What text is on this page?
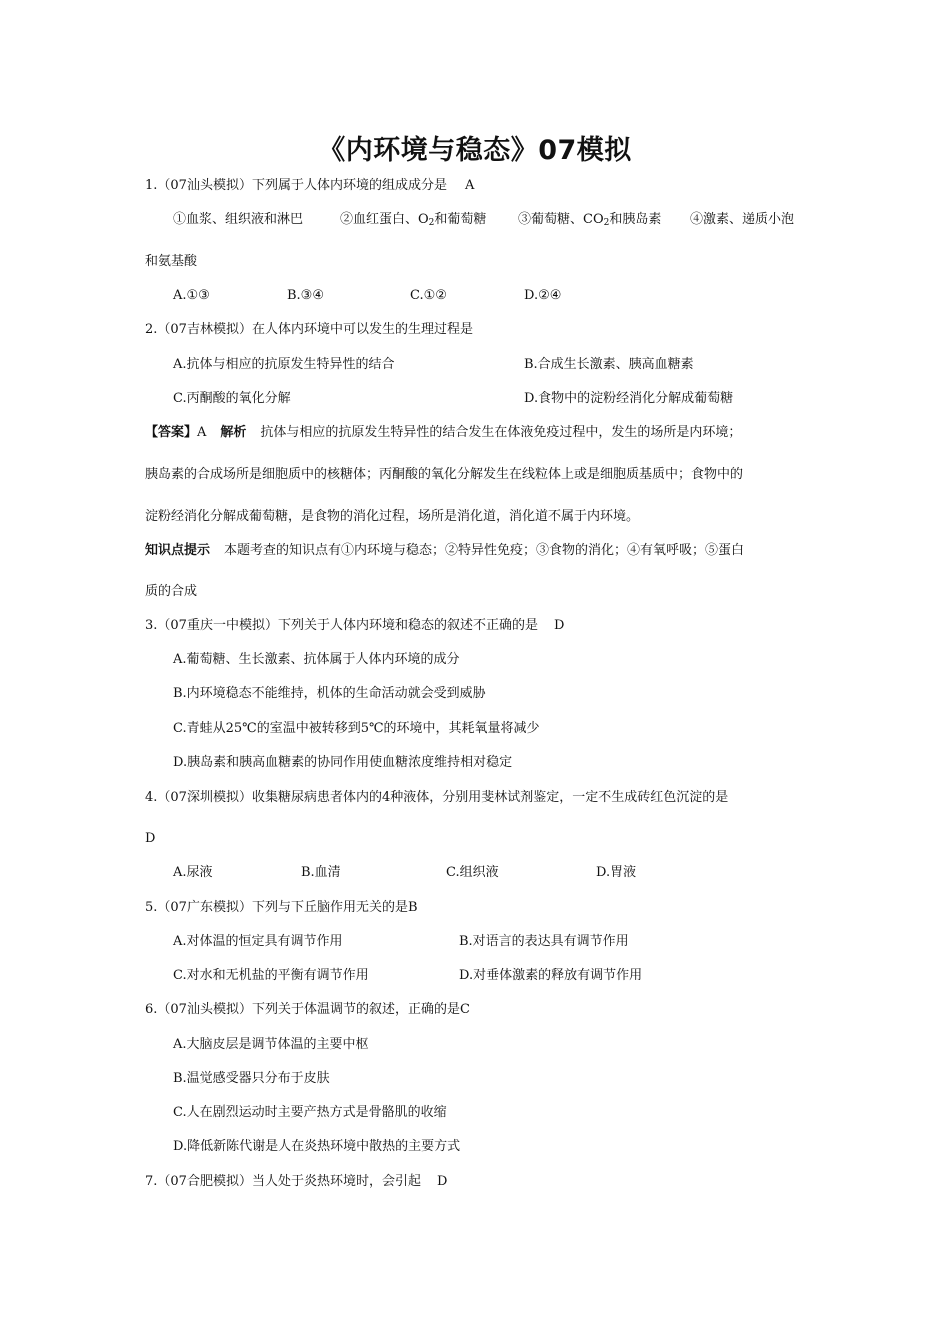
《内环境与稳态》07模拟
1.（07汕头模拟）下列属于人体内环境的组成成分是 A
①血浆、组织液和淋巴	②血红蛋白、$O_2$和葡萄糖 ③葡萄糖、$CO_2$和胰岛素 ④激素、递质小泡
和氨基酸
A.①③	B.③④	C.①②	D.②④
2.（07吉林模拟）在人体内环境中可以发生的生理过程是
A.抗体与相应的抗原发生特异性的结合	B.合成生长激素、胰高血糖素
C.丙酮酸的氧化分解	D.食物中的淀粉经消化分解成葡萄糖
【答案】A 解析 抗体与相应的抗原发生特异性的结合发生在体液免疫过程中，发生的场所是内环境；
胰岛素的合成场所是细胞质中的核糖体；丙酮酸的氧化分解发生在线粒体上或是细胞质基质中；食物中的
淀粉经消化分解成葡萄糖，是食物的消化过程，场所是消化道，消化道不属于内环境。
知识点提示 本题考查的知识点有①内环境与稳态；②特异性免疫；③食物的消化；④有氧呼吸；⑤蛋白
质的合成
3.（07重庆一中模拟）下列关于人体内环境和稳态的叙述不正确的是 D
A.葡萄糖、生长激素、抗体属于人体内环境的成分
B.内环境稳态不能维持，机体的生命活动就会受到威胁
C.青蛙从25℃的室温中被转移到5℃的环境中，其耗氧量将减少
D.胰岛素和胰高血糖素的协同作用使血糖浓度维持相对稳定
4.（07深圳模拟）收集糖尿病患者体内的4种液体，分别用斐林试剂鉴定，一定不生成砖红色沉淀的是
D
A.尿液	B.血清	C.组织液	D.胃液
5.（07广东模拟）下列与下丘脑作用无关的是B
A.对体温的恒定具有调节作用	B.对语言的表达具有调节作用
C.对水和无机盐的平衡有调节作用	D.对垂体激素的释放有调节作用
6.（07汕头模拟）下列关于体温调节的叙述，正确的是C
A.大脑皮层是调节体温的主要中枢
B.温觉感受器只分布于皮肤
C.人在剧烈运动时主要产热方式是骨骼肌的收缩
D.降低新陈代谢是人在炎热环境中散热的主要方式
7.（07合肥模拟）当人处于炎热环境时，会引起 D
